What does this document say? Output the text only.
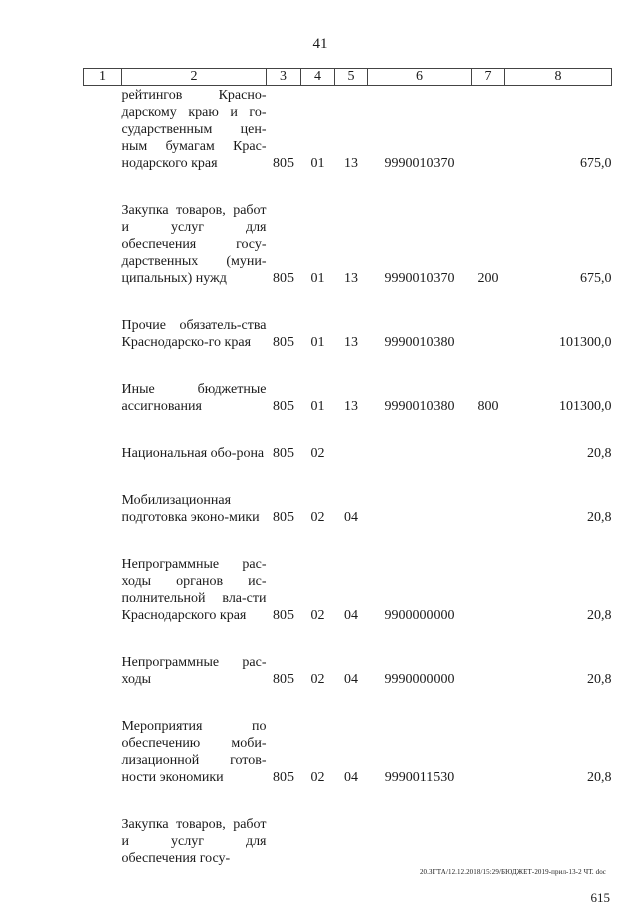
41
1	2	3	4	5	6	7	8
	рейтингов Красно-дарскому краю и го-сударственным цен-ным бумагам Крас-нодарского края	805	01	13	9990010370		675,0

	Закупка товаров, работ и услуг для обеспечения госу-дарственных (муни-ципальных) нужд	805	01	13	9990010370	200	675,0

	Прочие обязатель-ства Краснодарско-го края	805	01	13	9990010380		101300,0

	Иные бюджетные ассигнования	805	01	13	9990010380	800	101300,0

	Национальная обо-рона	805	02				20,8

	Мобилизационная подготовка эконо-мики	805	02	04			20,8

	Непрограммные рас-ходы органов ис-полнительной вла-сти Краснодарского края	805	02	04	9900000000		20,8

	Непрограммные рас-ходы	805	02	04	9990000000		20,8

	Мероприятия по обеспечению моби-лизационной готов-ности экономики	805	02	04	9990011530		20,8

	Закупка товаров, работ и услуг для обеспечения госу-						
20.ЗГТА/12.12.2018/15:29/БЮДЖЕТ-2019-прил-13-2 ЧТ. doc
615
